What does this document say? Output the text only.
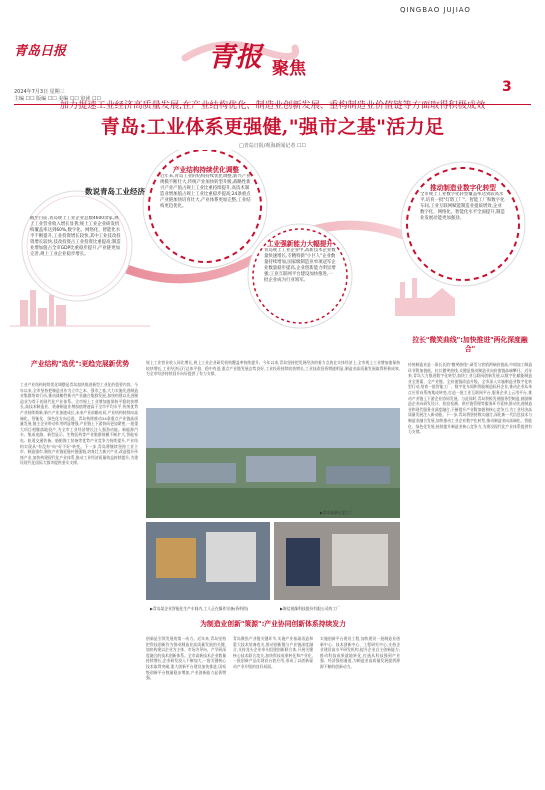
QINGBAO JUJIAO
青岛日报
2024年7月3日 星期三
主编 ☐☐ 版编 ☐☐ 美编 ☐☐ 审读 ☐☐
青报 聚焦
3
加力提速工业经济高质量发展,在产业结构优化、制造业创新发展、重构制造业价值链等方面取得积极成效
青岛:工业体系更强健,"强市之基"活力足
□青岛日报/观海新闻记者 ☐☐
数说青岛工业经济
截至目前,青岛规上工业企业总数4600余家,规上工业营业收入增长显著;规上工业企业研发机构覆盖率达到60%,数字化、网络化、智能化水平不断提升,工业投资增长较快,其中工业技改投资增长较快,技改投资占工业投资比重提高;制造业增加值占全市GDP比重稳步提升,产业链更加完善,规上工业企业稳步增长。
产业结构持续优化调整
近年来,青岛工业的结构持续优化调整,新兴产业规模不断壮大,传统产业加快转型升级,战略性新兴产业产值占规上工业比重持续提升,高技术制造业增加值占规上工业比重稳步提高;24条重点产业链加快培育壮大,产业体系更加完整,工业结构更趋优化。
工业强新能力大幅提升
青岛规上工业企业中,高新技术企业数量快速增长,专精特新"小巨人"企业数量持续增加,国家级制造业单项冠军企业数量稳步提高,企业创新能力明显增强;工业互联网平台建设加快推进,一批企业成为行业领军。
推动制造业数字化转型
全市规上工业数字化转型覆盖率达到较高水平,培育一批"灯塔工厂"、智能工厂和数字化车间,工业互联网赋能制造业提质增效,企业数字化、网络化、智能化水平全面提升,制造业发展动能更加强劲。
产业结构"选优":更趋完展新优势
工业产业结构持续优化调整是青岛加快推进新型工业化的重要内容。今年以来,全市坚持把制造业作为立市之本、强市之基,大力实施先进制造业集群培育行动,推动战略性新兴产业融合集群发展,加快构建以先进制造业为骨干的现代化产业体系。全市规上工业增加值保持平稳较快增长,高技术制造业、装备制造业增加值增速高于全市平均水平,传统优势产业持续焕新,新兴产业加速成长,未来产业前瞻布局,产业结构持续向高端化、智能化、绿色化方向迈进。青岛持续推动24条重点产业链高质量发展,链主企业带动作用明显增强,产业链上下游协同更加紧密,一批重大项目相继落地投产,为全市工业经济增长注入强劲动能。新能源汽车、集成电路、新型显示、生物医药等产业集群规模不断扩大,智能家电、轨道交通装备、船舶海工装备等优势产业竞争力持续提升,产业结构实现从"有没有"向"好不好"转变。下一步,青岛将继续坚持工业立市、制造强市,聚焦产业链延链补链强链,培育壮大新兴产业,改造提升传统产业,加快构建现代化产业体系,推动工业经济质量效益持续提升,为建设现代化国际大都市提供坚实支撑。
规上工业营业收入同比增长,规上工业企业研发机构覆盖率持续提升。今年以来,青岛坚持把发展经济的着力点放在实体经济上,全市规上工业增加值保持较快增长,工业经济运行总体平稳、稳中有进,重点产业链发展态势良好,工业投资持续较快增长,工业技改投资增速明显,制造业高质量发展取得积极成效,为全市经济持续回升向好提供了有力支撑。
▶青岛高新区某工厂
▶青岛某企业智能化生产车间内,工人正在操作设备(资料图)	▶海信视像科技股份有限公司的工厂
为制造业创新"策源":产业协同创新体系持续发力
创新是引领发展的第一动力。近年来,青岛坚持把科技创新作为推动制造业高质量发展的关键,加快构建以企业为主体、市场为导向、产学研深度融合的技术创新体系。全市高新技术企业数量持续增长,企业研发投入不断加大,一批关键核心技术取得突破,重大创新平台建设加快推进,国家级创新平台数量稳步增加,产业创新能力显著增强。
青岛聚焦产业链关键环节,实施产业基础再造和重大技术装备攻关,推动创新链与产业链深度融合,支持龙头企业牵头组建创新联合体,开展关键核心技术联合攻关,加快科技成果转化和产业化,一批创新产品实现首台套应用,形成了以创新驱动产业升级的良好局面。
实施创新平台建设工程,加快建设一批制造业创新中心、技术创新中心、工程研究中心,支持企业建设高水平研发机构,提升企业自主创新能力;推动科技成果就地转化,打通从科技强到产业强、经济强的通道,为制造业高质量发展提供源源不断的创新动力。
拉长"微笑曲线":加快推进"两化深度融合"
传统制造业是一条长长的"微笑曲线",研发与营销两端价值高,中间加工制造环节附加值低。拉长微笑曲线,关键是推动制造业向价值链高端攀升。近年来,青岛大力推进数字化转型,加快工业互联网创新发展,以数字化赋能制造业全要素、全产业链、全价值链改造升级。全市深入实施制造业数字化转型行动,培育一批智能工厂、数字化车间和智能制造标杆企业,推动企业从单点应用向系统集成转变,打造一批工业互联网平台,服务企业上云用平台,推动产业链上下游企业协同发展。与此同时,青岛积极发展服务型制造,鼓励制造企业向研发设计、检验检测、供应链管理等服务环节延伸,推动先进制造业和现代服务业深度融合,不断提升产业附加值和核心竞争力,为工业经济高质量发展注入新动能。下一步,青岛将坚持数实融合,深化新一代信息技术与制造业融合发展,加快推动工业企业数字化转型,推动制造业向高端化、智能化、绿色化发展,持续提升制造业核心竞争力,为建设现代化产业体系提供有力支撑。
